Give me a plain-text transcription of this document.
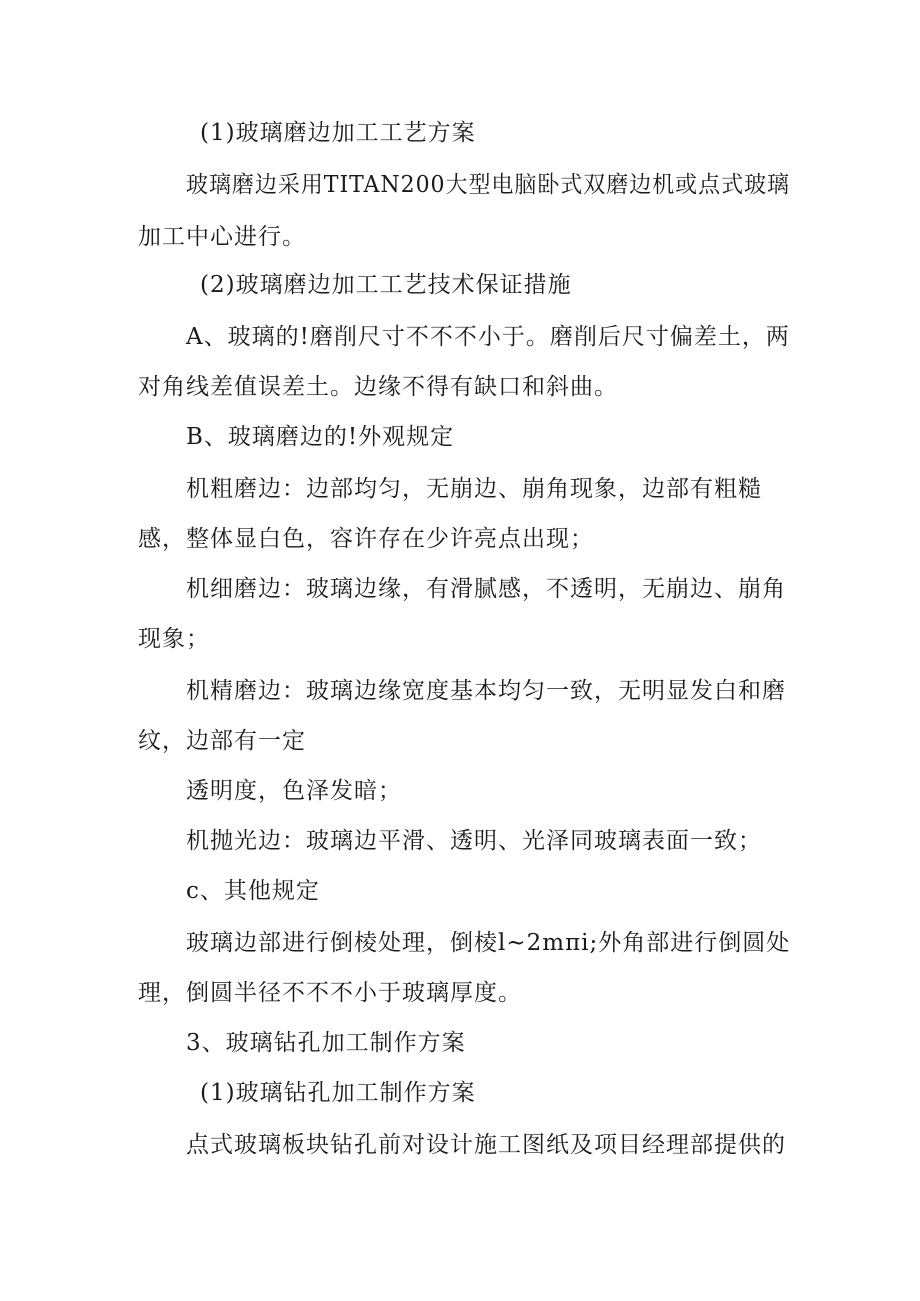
(1)玻璃磨边加工工艺方案
玻璃磨边采用TITAN200大型电脑卧式双磨边机或点式玻璃
加工中心进行。
(2)玻璃磨边加工工艺技术保证措施
A、玻璃的!磨削尺寸不不不小于。磨削后尺寸偏差土，两
对角线差值误差土。边缘不得有缺口和斜曲。
B、玻璃磨边的!外观规定
机粗磨边：边部均匀，无崩边、崩角现象，边部有粗糙
感，整体显白色，容许存在少许亮点出现；
机细磨边：玻璃边缘，有滑腻感，不透明，无崩边、崩角
现象；
机精磨边：玻璃边缘宽度基本均匀一致，无明显发白和磨
纹，边部有一定
透明度，色泽发暗；
机抛光边：玻璃边平滑、透明、光泽同玻璃表面一致；
c、其他规定
玻璃边部进行倒棱处理，倒棱l~2mπi;外角部进行倒圆处
理，倒圆半径不不不小于玻璃厚度。
3、玻璃钻孔加工制作方案
(1)玻璃钻孔加工制作方案
点式玻璃板块钻孔前对设计施工图纸及项目经理部提供的
